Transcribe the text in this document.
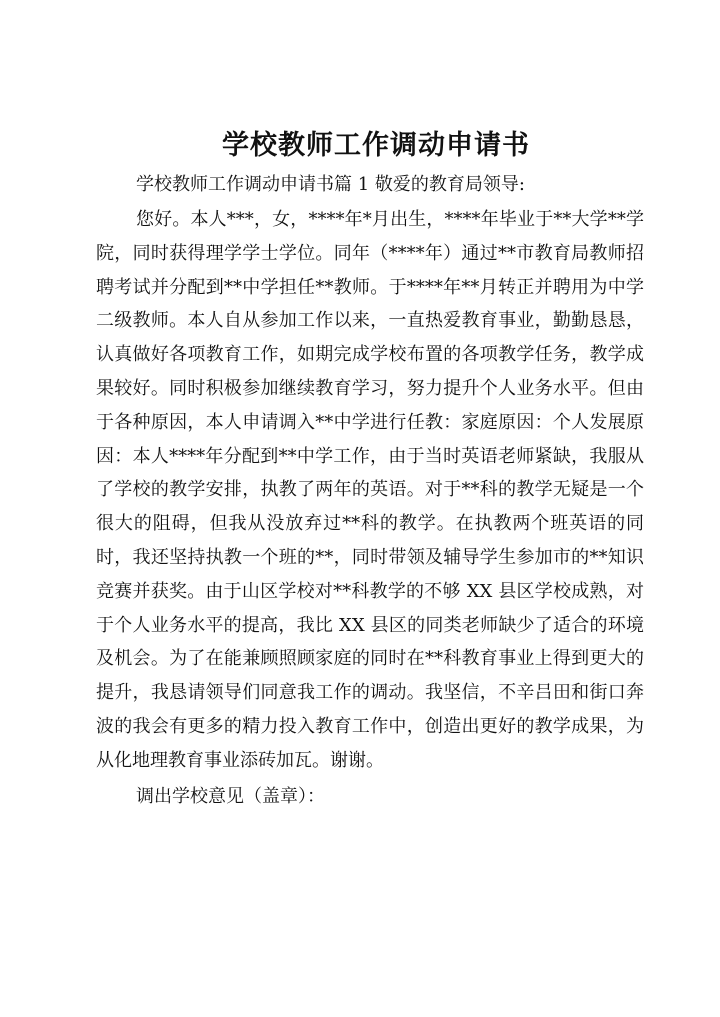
学校教师工作调动申请书

学校教师工作调动申请书篇 1 敬爱的教育局领导:

您好。本人***，女，****年*月出生，****年毕业于**大学**学院，同时获得理学学士学位。同年（****年）通过**市教育局教师招聘考试并分配到**中学担任**教师。于****年**月转正并聘用为中学二级教师。本人自从参加工作以来，一直热爱教育事业，勤勤恳恳，认真做好各项教育工作，如期完成学校布置的各项教学任务，教学成果较好。同时积极参加继续教育学习，努力提升个人业务水平。但由于各种原因，本人申请调入**中学进行任教：家庭原因：个人发展原因：本人****年分配到**中学工作，由于当时英语老师紧缺，我服从了学校的教学安排，执教了两年的英语。对于**科的教学无疑是一个很大的阻碍，但我从没放弃过**科的教学。在执教两个班英语的同时，我还坚持执教一个班的**，同时带领及辅导学生参加市的**知识竞赛并获奖。由于山区学校对**科教学的不够 XX 县区学校成熟，对于个人业务水平的提高，我比 XX 县区的同类老师缺少了适合的环境及机会。为了在能兼顾照顾家庭的同时在**科教育事业上得到更大的提升，我恳请领导们同意我工作的调动。我坚信，不辛吕田和街口奔波的我会有更多的精力投入教育工作中，创造出更好的教学成果，为从化地理教育事业添砖加瓦。谢谢。

调出学校意见（盖章）：
